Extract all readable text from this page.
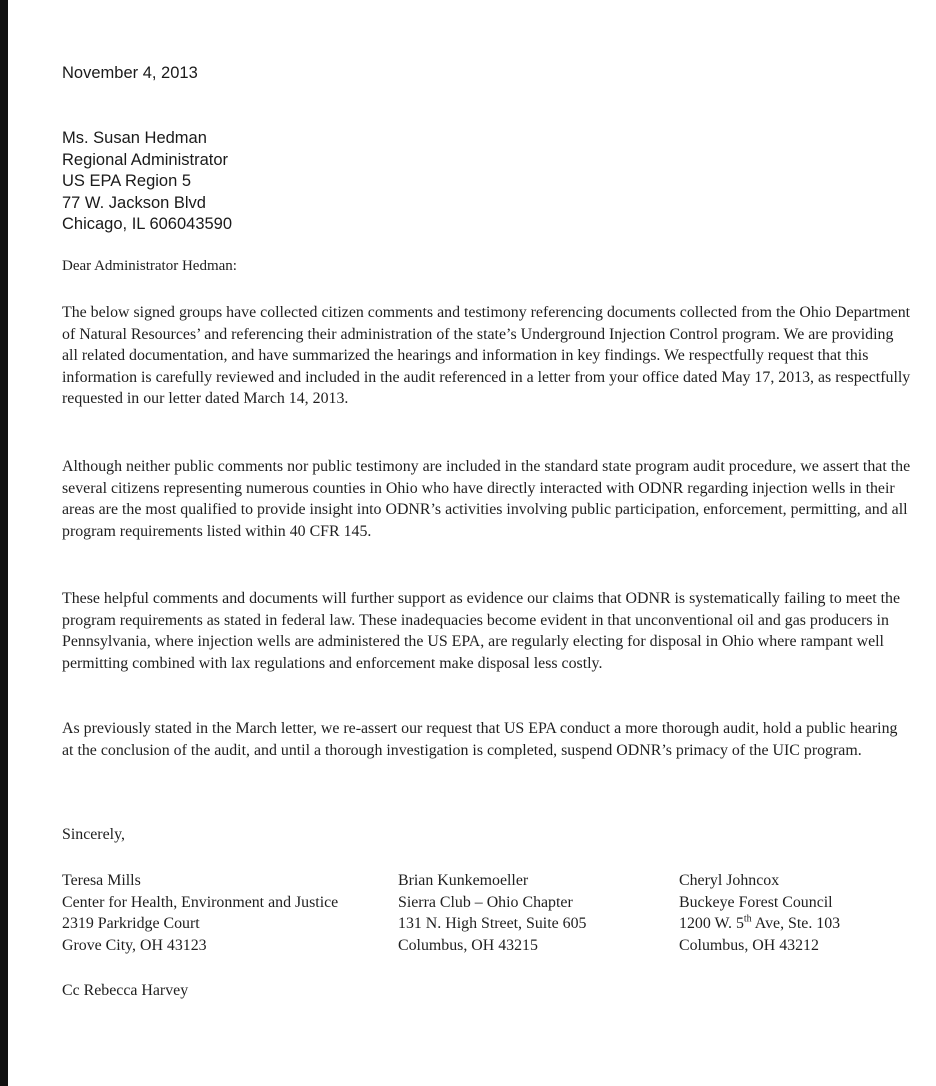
November 4, 2013
Ms. Susan Hedman
Regional Administrator
US EPA Region 5
77 W. Jackson Blvd
Chicago, IL 606043590
Dear Administrator Hedman:

The below signed groups have collected citizen comments and testimony referencing documents collected from the Ohio Department of Natural Resources’ and referencing their administration of the state’s Underground Injection Control program. We are providing all related documentation, and have summarized the hearings and information in key findings. We respectfully request that this information is carefully reviewed and included in the audit referenced in a letter from your office dated May 17, 2013, as respectfully requested in our letter dated March 14, 2013.

Although neither public comments nor public testimony are included in the standard state program audit procedure, we assert that the several citizens representing numerous counties in Ohio who have directly interacted with ODNR regarding injection wells in their areas are the most qualified to provide insight into ODNR’s activities involving public participation, enforcement, permitting, and all program requirements listed within 40 CFR 145.

These helpful comments and documents will further support as evidence our claims that ODNR is systematically failing to meet the program requirements as stated in federal law. These inadequacies become evident in that unconventional oil and gas producers in Pennsylvania, where injection wells are administered the US EPA, are regularly electing for disposal in Ohio where rampant well permitting combined with lax regulations and enforcement make disposal less costly.

As previously stated in the March letter, we re-assert our request that US EPA conduct a more thorough audit, hold a public hearing at the conclusion of the audit, and until a thorough investigation is completed, suspend ODNR’s primacy of the UIC program.

Sincerely,
Teresa Mills
Center for Health, Environment and Justice
2319 Parkridge Court
Grove City, OH 43123
Brian Kunkemoeller
Sierra Club – Ohio Chapter
131 N. High Street, Suite 605
Columbus, OH 43215
Cheryl Johncox
Buckeye Forest Council
1200 W. 5th Ave, Ste. 103
Columbus, OH 43212
Cc Rebecca Harvey
